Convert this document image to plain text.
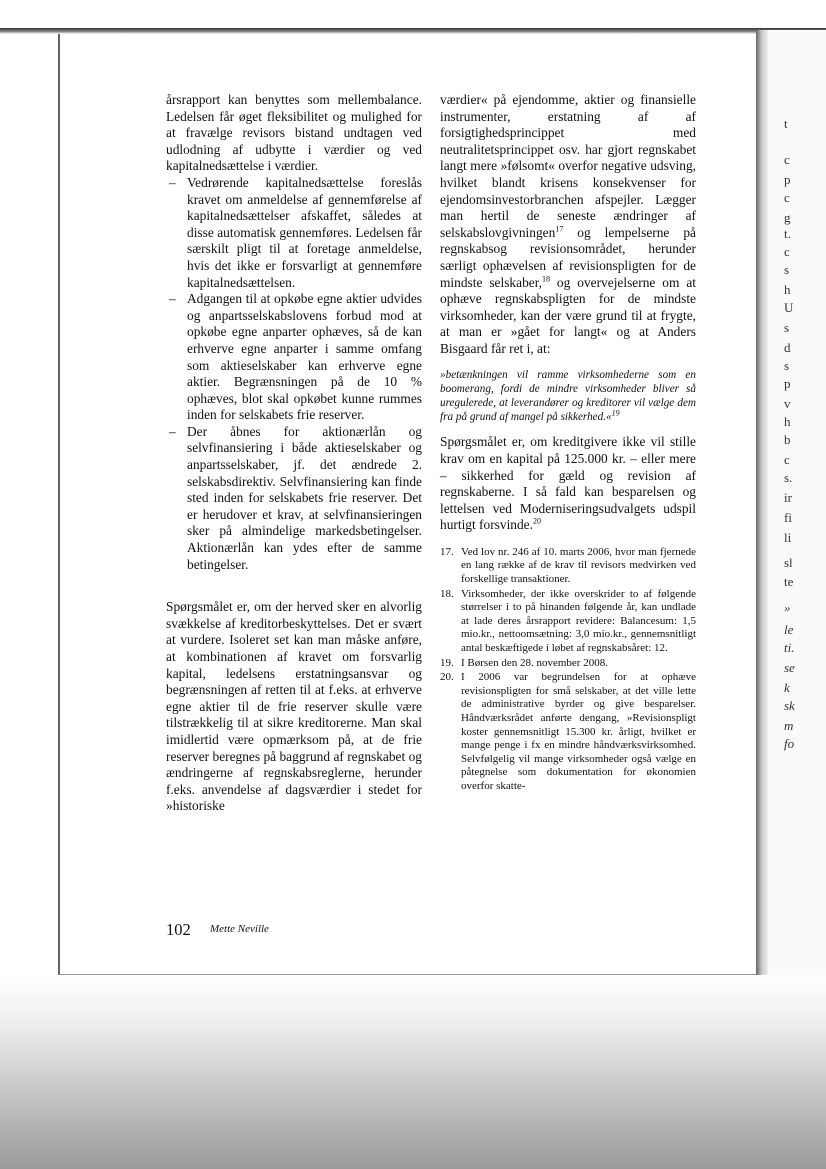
t
c
p
c
g
t.
c
s
h
U
s
d
s
p
v
h
b
c
s.
ir
fi
li
sl
te
»
le
ti.
se
k
sk
m
fo

årsrapport kan benyttes som mellembalance. Ledelsen får øget fleksibilitet og mulighed for at fravælge revisors bistand undtagen ved udlodning af udbytte i værdier og ved kapitalnedsættelse i værdier.

– Vedrørende kapitalnedsættelse foreslås kravet om anmeldelse af gennemførelse af kapitalnedsættelser afskaffet, således at disse automatisk gennemføres. Ledelsen får særskilt pligt til at foretage anmeldelse, hvis det ikke er forsvarligt at gennemføre kapitalnedsættelsen.
– Adgangen til at opkøbe egne aktier udvides og anpartsselskabslovens forbud mod at opkøbe egne anparter ophæves, så de kan erhverve egne anparter i samme omfang som aktieselskaber kan erhverve egne aktier. Begrænsningen på de 10 % ophæves, blot skal opkøbet kunne rummes inden for selskabets frie reserver.
– Der åbnes for aktionærlån og selvfinansiering i både aktieselskaber og anpartsselskaber, jf. det ændrede 2. selskabsdirektiv. Selvfinansiering kan finde sted inden for selskabets frie reserver. Det er herudover et krav, at selvfinansieringen sker på almindelige markedsbetingelser. Aktionærlån kan ydes efter de samme betingelser.

Spørgsmålet er, om der herved sker en alvorlig svækkelse af kreditorbeskyttelses. Det er svært at vurdere. Isoleret set kan man måske anføre, at kombinationen af kravet om forsvarlig kapital, ledelsens erstatningsansvar og begrænsningen af retten til at f.eks. at erhverve egne aktier til de frie reserver skulle være tilstrækkelig til at sikre kreditorerne. Man skal imidlertid være opmærksom på, at de frie reserver beregnes på baggrund af regnskabet og ændringerne af regnskabsreglerne, herunder f.eks. anvendelse af dagsværdier i stedet for »historiske

værdier« på ejendomme, aktier og finansielle instrumenter, erstatning af af forsigtighedsprincippet med neutralitetsprincippet osv. har gjort regnskabet langt mere »følsomt« overfor negative udsving, hvilket blandt krisens konsekvenser for ejendomsinvestorbranchen afspejler. Lægger man hertil de seneste ændringer af selskabslovgivningen$^{17}$ og lempelserne på regnskabsog revisionsområdet, herunder særligt ophævelsen af revisionspligten for de mindste selskaber,$^{18}$ og overvejelserne om at ophæve regnskabspligten for de mindste virksomheder, kan der være grund til at frygte, at man er »gået for langt« og at Anders Bisgaard får ret i, at:

»betænkningen vil ramme virksomhederne som en boomerang, fordi de mindre virksomheder bliver så uregulerede, at leverandører og kreditorer vil vælge dem fra på grund af mangel på sikkerhed.«$^{19}$

Spørgsmålet er, om kreditgivere ikke vil stille krav om en kapital på 125.000 kr. – eller mere – sikkerhed for gæld og revision af regnskaberne. I så fald kan besparelsen og lettelsen ved Moderniseringsudvalgets udspil hurtigt forsvinde.$^{20}$

17. Ved lov nr. 246 af 10. marts 2006, hvor man fjernede en lang række af de krav til revisors medvirken ved forskellige transaktioner.
18. Virksomheder, der ikke overskrider to af følgende størrelser i to på hinanden følgende år, kan undlade at lade deres årsrapport revidere: Balancesum: 1,5 mio.kr., nettoomsætning: 3,0 mio.kr., gennemsnitligt antal beskæftigede i løbet af regnskabsåret: 12.
19. I Børsen den 28. november 2008.
20. I 2006 var begrundelsen for at ophæve revisionspligten for små selskaber, at det ville lette de administrative byrder og give besparelser. Håndværksrådet anførte dengang, »Revisionspligt koster gennemsnitligt 15.300 kr. årligt, hvilket er mange penge i fx en mindre håndværksvirksomhed. Selvfølgelig vil mange virksomheder også vælge en påtegnelse som dokumentation for økonomien overfor skatte-
102 Mette Neville
